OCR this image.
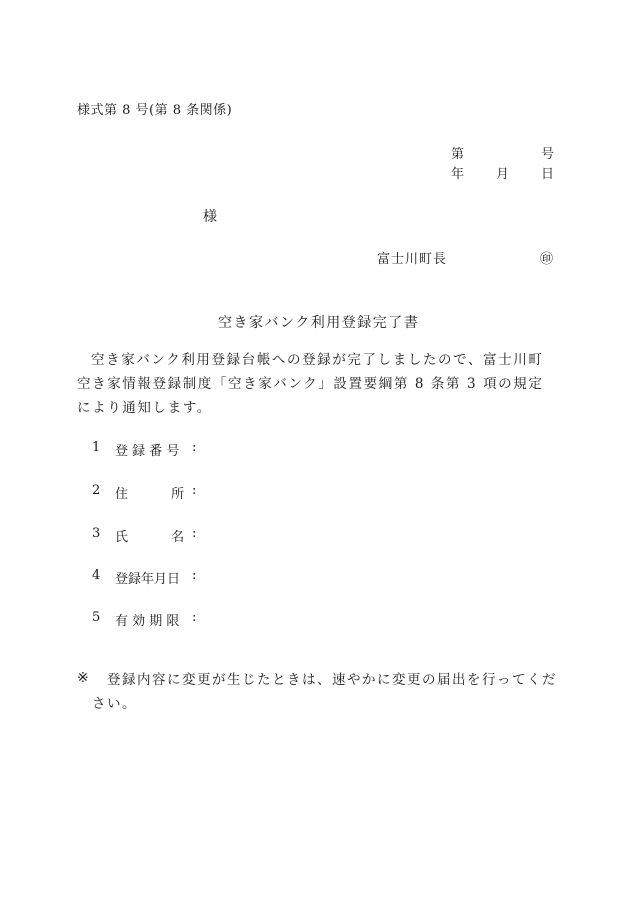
様式第 8 号(第 8 条関係)
第	号
年 月 日
様
富士川町長	㊞
空き家バンク利用登録完了書
空き家バンク利用登録台帳への登録が完了しましたので、富士川町空き家情報登録制度「空き家バンク」設置要綱第 8 条第 3 項の規定により通知します。
1 登 録 番 号 :
2 住　　　 所 :
3 氏　　　 名 :
4 登録年月日 :
5 有 効 期 限 :
※ 登録内容に変更が生じたときは、速やかに変更の届出を行ってくだ
さい。
